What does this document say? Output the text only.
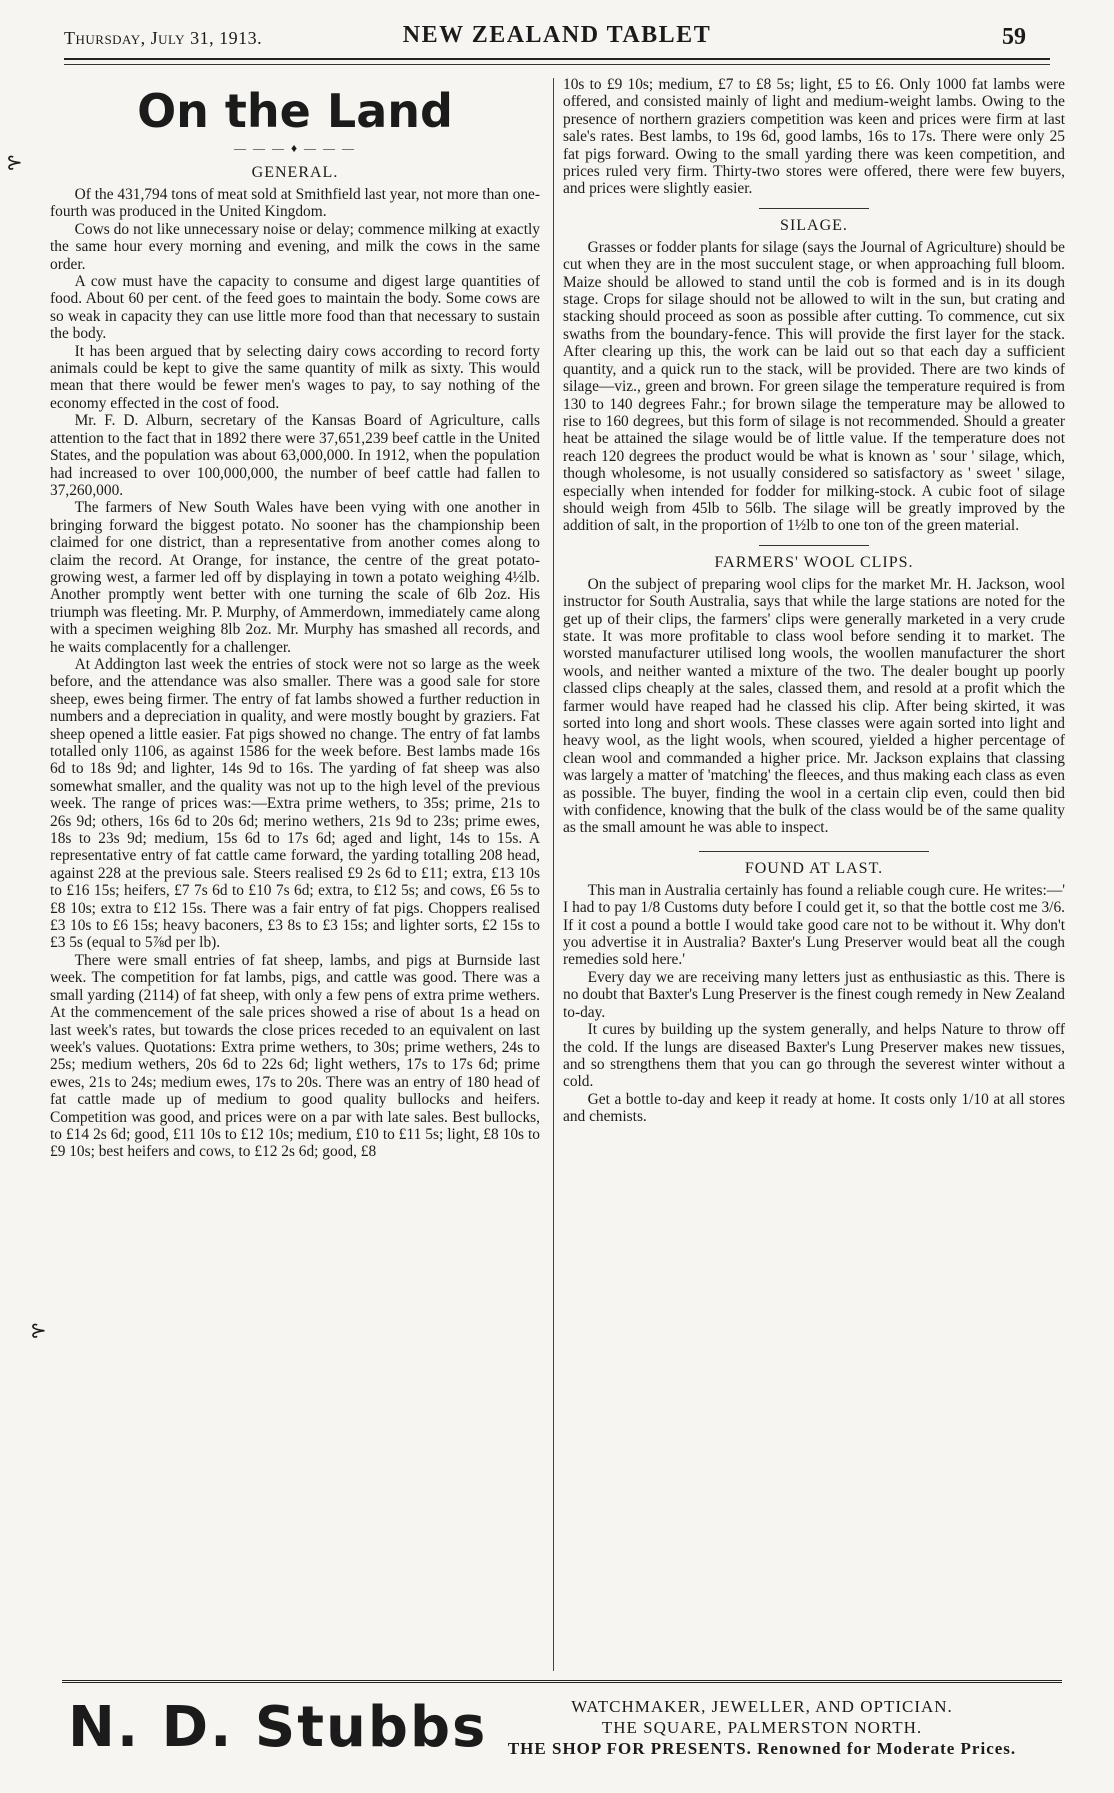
Thursday, July 31, 1913.	NEW ZEALAND TABLET	59
On the Land
— — — ♦ — — —
GENERAL.

Of the 431,794 tons of meat sold at Smithfield last year, not more than one-fourth was produced in the United Kingdom.

Cows do not like unnecessary noise or delay; commence milking at exactly the same hour every morning and evening, and milk the cows in the same order.

A cow must have the capacity to consume and digest large quantities of food. About 60 per cent. of the feed goes to maintain the body. Some cows are so weak in capacity they can use little more food than that necessary to sustain the body.

It has been argued that by selecting dairy cows according to record forty animals could be kept to give the same quantity of milk as sixty. This would mean that there would be fewer men's wages to pay, to say nothing of the economy effected in the cost of food.

Mr. F. D. Alburn, secretary of the Kansas Board of Agriculture, calls attention to the fact that in 1892 there were 37,651,239 beef cattle in the United States, and the population was about 63,000,000. In 1912, when the population had increased to over 100,000,000, the number of beef cattle had fallen to 37,260,000.

The farmers of New South Wales have been vying with one another in bringing forward the biggest potato. No sooner has the championship been claimed for one district, than a representative from another comes along to claim the record. At Orange, for instance, the centre of the great potato-growing west, a farmer led off by displaying in town a potato weighing 4½lb. Another promptly went better with one turning the scale of 6lb 2oz. His triumph was fleeting. Mr. P. Murphy, of Ammerdown, immediately came along with a specimen weighing 8lb 2oz. Mr. Murphy has smashed all records, and he waits complacently for a challenger.

At Addington last week the entries of stock were not so large as the week before, and the attendance was also smaller. There was a good sale for store sheep, ewes being firmer. The entry of fat lambs showed a further reduction in numbers and a depreciation in quality, and were mostly bought by graziers. Fat sheep opened a little easier. Fat pigs showed no change. The entry of fat lambs totalled only 1106, as against 1586 for the week before. Best lambs made 16s 6d to 18s 9d; and lighter, 14s 9d to 16s. The yarding of fat sheep was also somewhat smaller, and the quality was not up to the high level of the previous week. The range of prices was:—Extra prime wethers, to 35s; prime, 21s to 26s 9d; others, 16s 6d to 20s 6d; merino wethers, 21s 9d to 23s; prime ewes, 18s to 23s 9d; medium, 15s 6d to 17s 6d; aged and light, 14s to 15s. A representative entry of fat cattle came forward, the yarding totalling 208 head, against 228 at the previous sale. Steers realised £9 2s 6d to £11; extra, £13 10s to £16 15s; heifers, £7 7s 6d to £10 7s 6d; extra, to £12 5s; and cows, £6 5s to £8 10s; extra to £12 15s. There was a fair entry of fat pigs. Choppers realised £3 10s to £6 15s; heavy baconers, £3 8s to £3 15s; and lighter sorts, £2 15s to £3 5s (equal to 5⅞d per lb).

There were small entries of fat sheep, lambs, and pigs at Burnside last week. The competition for fat lambs, pigs, and cattle was good. There was a small yarding (2114) of fat sheep, with only a few pens of extra prime wethers. At the commencement of the sale prices showed a rise of about 1s a head on last week's rates, but towards the close prices receded to an equivalent on last week's values. Quotations: Extra prime wethers, to 30s; prime wethers, 24s to 25s; medium wethers, 20s 6d to 22s 6d; light wethers, 17s to 17s 6d; prime ewes, 21s to 24s; medium ewes, 17s to 20s. There was an entry of 180 head of fat cattle made up of medium to good quality bullocks and heifers. Competition was good, and prices were on a par with late sales. Best bullocks, to £14 2s 6d; good, £11 10s to £12 10s; medium, £10 to £11 5s; light, £8 10s to £9 10s; best heifers and cows, to £12 2s 6d; good, £8

10s to £9 10s; medium, £7 to £8 5s; light, £5 to £6. Only 1000 fat lambs were offered, and consisted mainly of light and medium-weight lambs. Owing to the presence of northern graziers competition was keen and prices were firm at last sale's rates. Best lambs, to 19s 6d, good lambs, 16s to 17s. There were only 25 fat pigs forward. Owing to the small yarding there was keen competition, and prices ruled very firm. Thirty-two stores were offered, there were few buyers, and prices were slightly easier.

SILAGE.

Grasses or fodder plants for silage (says the Journal of Agriculture) should be cut when they are in the most succulent stage, or when approaching full bloom. Maize should be allowed to stand until the cob is formed and is in its dough stage. Crops for silage should not be allowed to wilt in the sun, but crating and stacking should proceed as soon as possible after cutting. To commence, cut six swaths from the boundary-fence. This will provide the first layer for the stack. After clearing up this, the work can be laid out so that each day a sufficient quantity, and a quick run to the stack, will be provided. There are two kinds of silage—viz., green and brown. For green silage the temperature required is from 130 to 140 degrees Fahr.; for brown silage the temperature may be allowed to rise to 160 degrees, but this form of silage is not recommended. Should a greater heat be attained the silage would be of little value. If the temperature does not reach 120 degrees the product would be what is known as ' sour ' silage, which, though wholesome, is not usually considered so satisfactory as ' sweet ' silage, especially when intended for fodder for milking-stock. A cubic foot of silage should weigh from 45lb to 56lb. The silage will be greatly improved by the addition of salt, in the proportion of 1½lb to one ton of the green material.

FARMERS' WOOL CLIPS.

On the subject of preparing wool clips for the market Mr. H. Jackson, wool instructor for South Australia, says that while the large stations are noted for the get up of their clips, the farmers' clips were generally marketed in a very crude state. It was more profitable to class wool before sending it to market. The worsted manufacturer utilised long wools, the woollen manufacturer the short wools, and neither wanted a mixture of the two. The dealer bought up poorly classed clips cheaply at the sales, classed them, and resold at a profit which the farmer would have reaped had he classed his clip. After being skirted, it was sorted into long and short wools. These classes were again sorted into light and heavy wool, as the light wools, when scoured, yielded a higher percentage of clean wool and commanded a higher price. Mr. Jackson explains that classing was largely a matter of 'matching' the fleeces, and thus making each class as even as possible. The buyer, finding the wool in a certain clip even, could then bid with confidence, knowing that the bulk of the class would be of the same quality as the small amount he was able to inspect.

FOUND AT LAST.

This man in Australia certainly has found a reliable cough cure. He writes:—' I had to pay 1/8 Customs duty before I could get it, so that the bottle cost me 3/6. If it cost a pound a bottle I would take good care not to be without it. Why don't you advertise it in Australia? Baxter's Lung Preserver would beat all the cough remedies sold here.'

Every day we are receiving many letters just as enthusiastic as this. There is no doubt that Baxter's Lung Preserver is the finest cough remedy in New Zealand to-day.

It cures by building up the system generally, and helps Nature to throw off the cold. If the lungs are diseased Baxter's Lung Preserver makes new tissues, and so strengthens them that you can go through the severest winter without a cold.

Get a bottle to-day and keep it ready at home. It costs only 1/10 at all stores and chemists.

N. D. Stubbs	WATCHMAKER, JEWELLER, AND OPTICIAN.
THE SQUARE, PALMERSTON NORTH.
THE SHOP FOR PRESENTS. Renowned for Moderate Prices.
⊱
⊱
